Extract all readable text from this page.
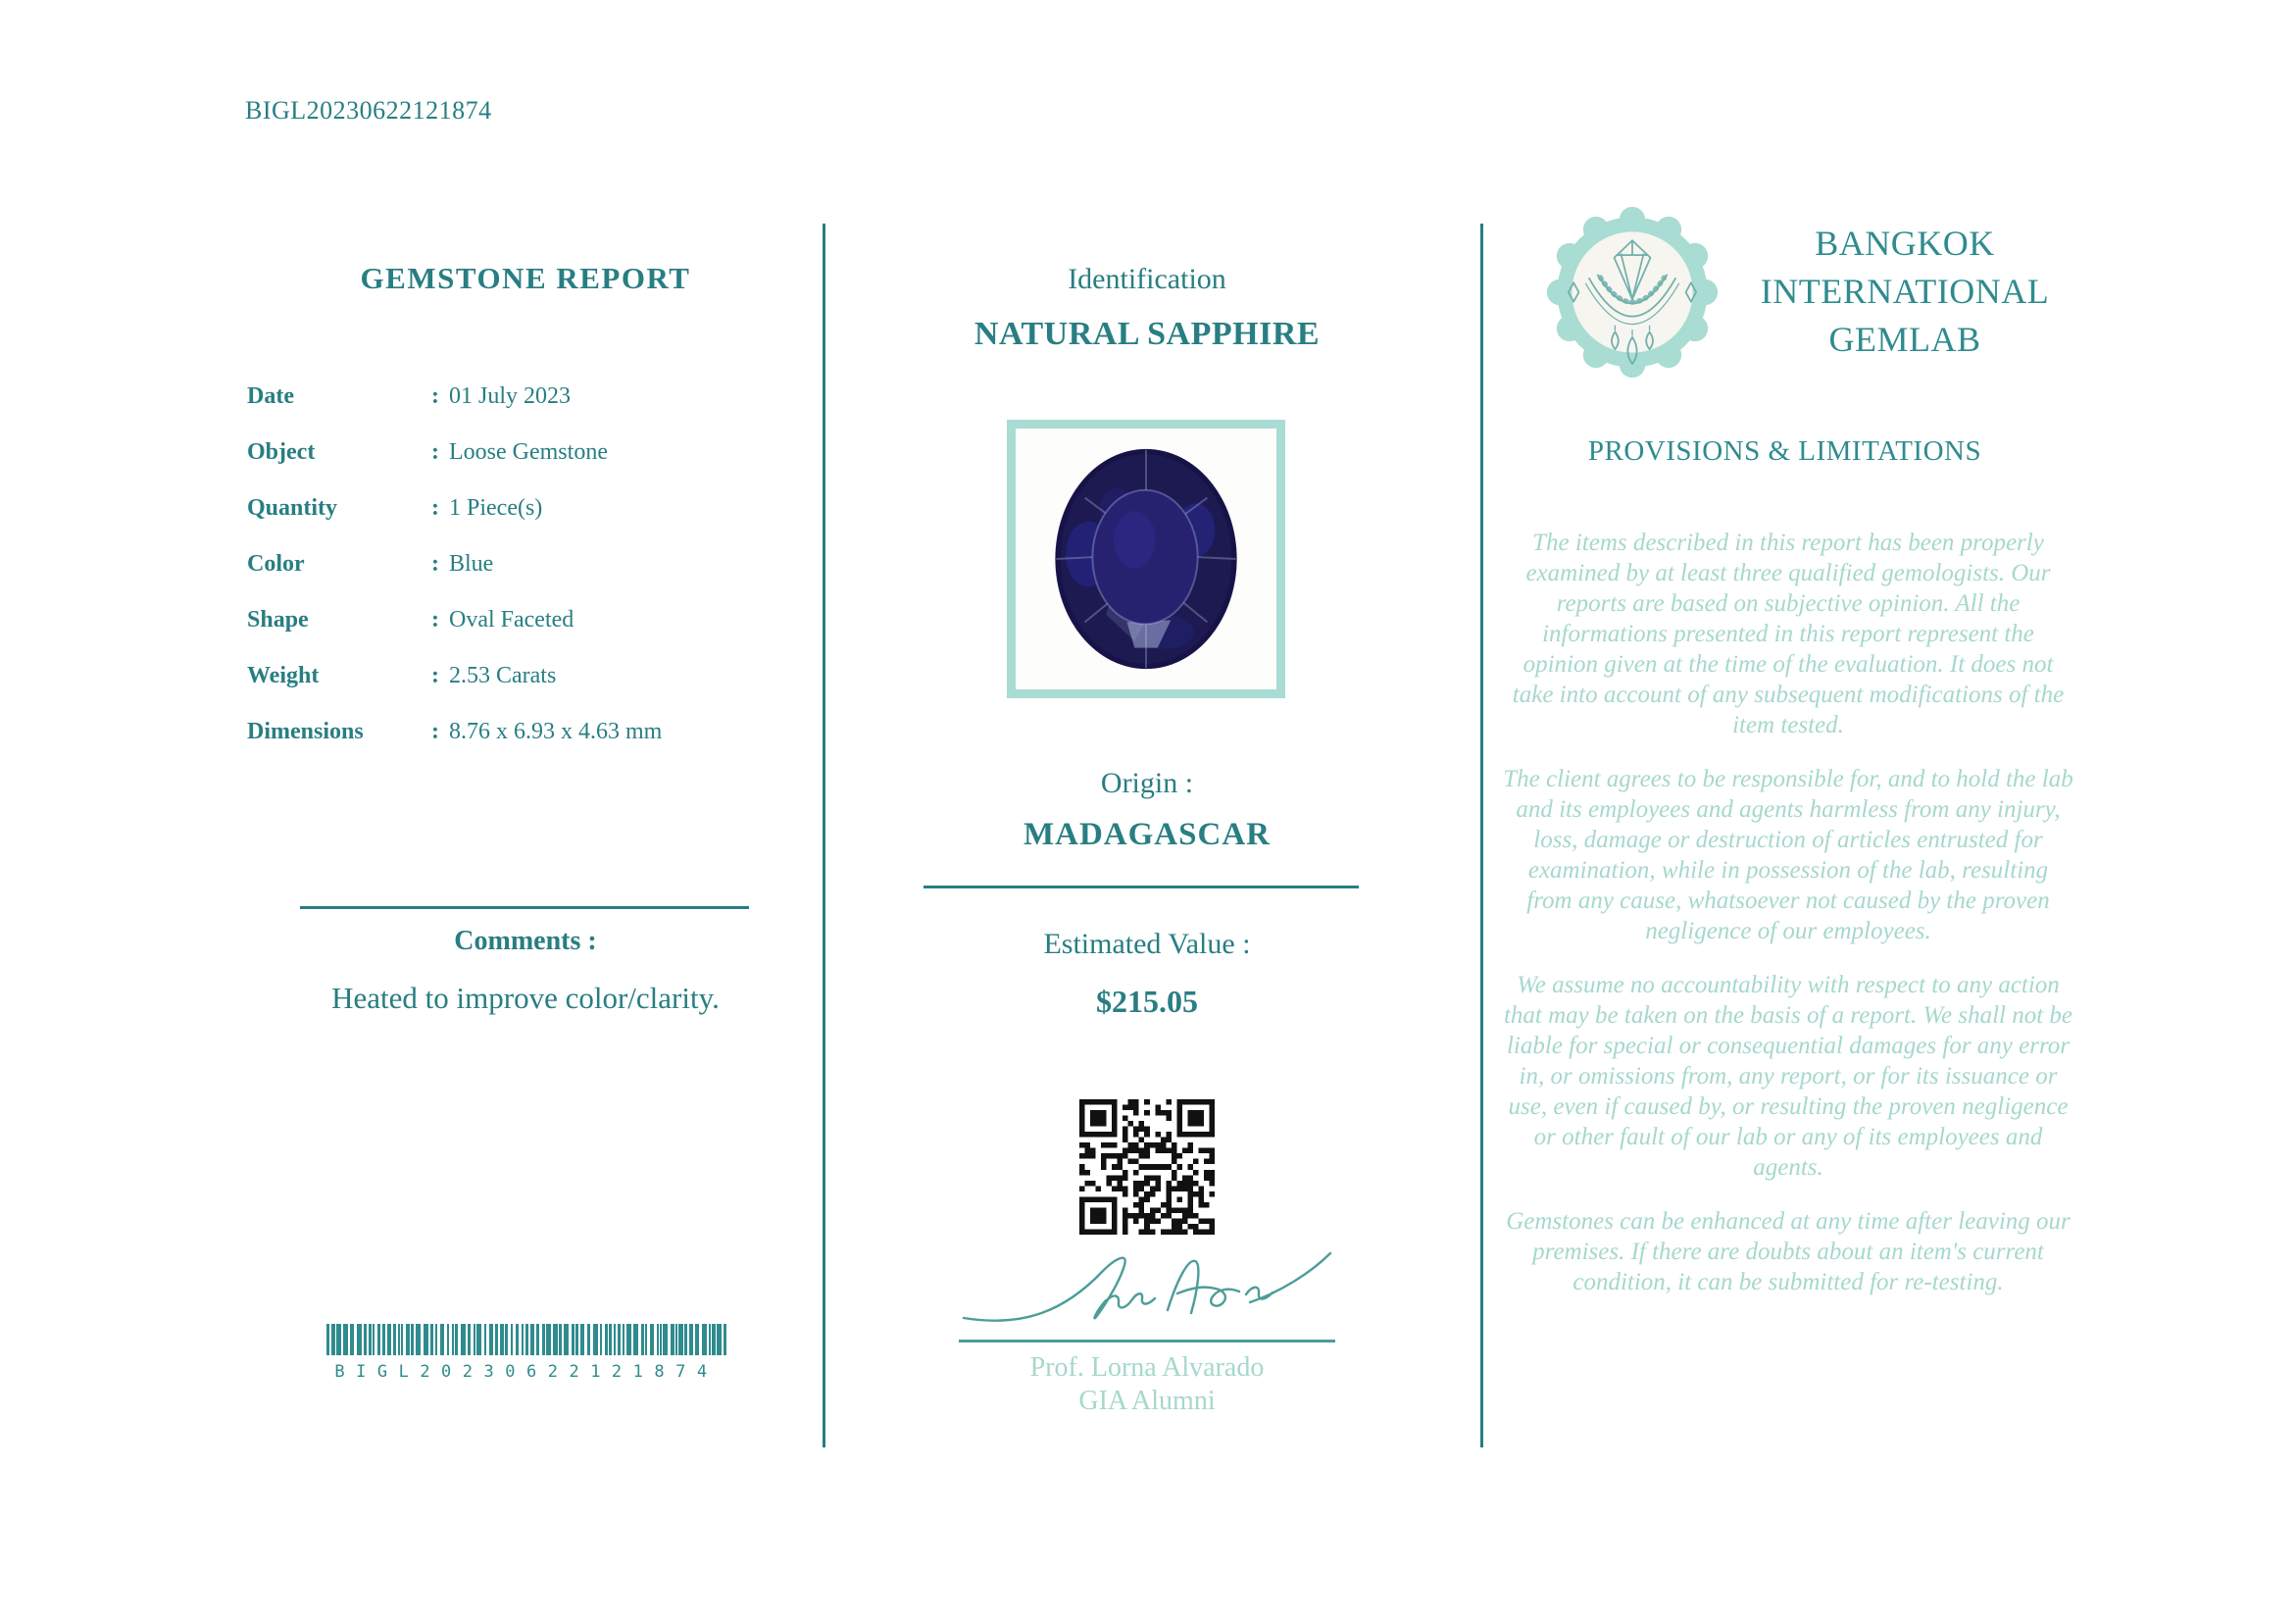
BIGL20230622121874
GEMSTONE REPORT
Date	: 01 July 2023
Object	: Loose Gemstone
Quantity	: 1 Piece(s)
Color	: Blue
Shape	: Oval Faceted
Weight	: 2.53 Carats
Dimensions	: 8.76 x 6.93 x 4.63 mm
Comments :
Heated to improve color/clarity.
BIGL20230622121874
Identification
NATURAL SAPPHIRE
Origin :
MADAGASCAR
Estimated Value :
$215.05
Prof. Lorna Alvarado
GIA Alumni
BANGKOK
INTERNATIONAL
GEMLAB
PROVISIONS & LIMITATIONS

The items described in this report has been properly examined by at least three qualified gemologists. Our reports are based on subjective opinion. All the informations presented in this report represent the opinion given at the time of the evaluation. It does not take into account of any subsequent modifications of the item tested.

The client agrees to be responsible for, and to hold the lab and its employees and agents harmless from any injury, loss, damage or destruction of articles entrusted for examination, while in possession of the lab, resulting from any cause, whatsoever not caused by the proven negligence of our employees.

We assume no accountability with respect to any action that may be taken on the basis of a report. We shall not be liable for special or consequential damages for any error in, or omissions from, any report, or for its issuance or use, even if caused by, or resulting the proven negligence or other fault of our lab or any of its employees and agents.

Gemstones can be enhanced at any time after leaving our premises. If there are doubts about an item's current condition, it can be submitted for re-testing.
